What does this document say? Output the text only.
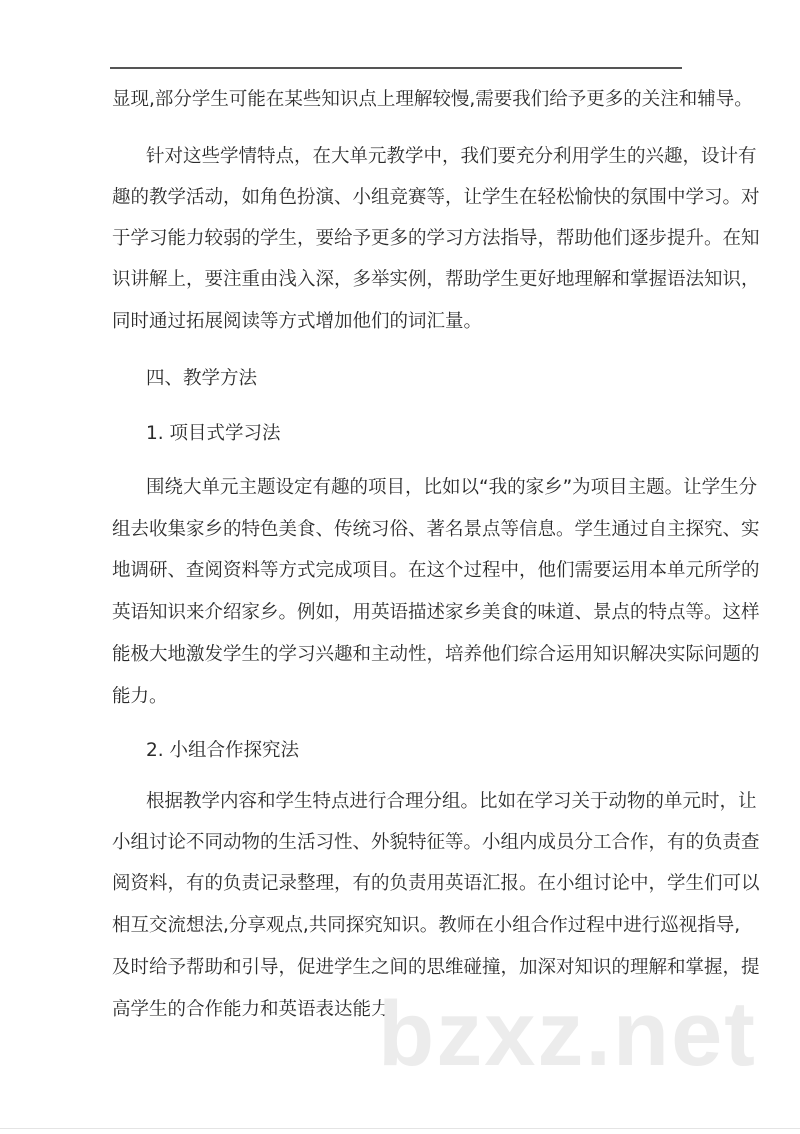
显现,部分学生可能在某些知识点上理解较慢,需要我们给予更多的关注和辅导。
针对这些学情特点，在大单元教学中，我们要充分利用学生的兴趣，设计有
趣的教学活动，如角色扮演、小组竞赛等，让学生在轻松愉快的氛围中学习。对
于学习能力较弱的学生，要给予更多的学习方法指导，帮助他们逐步提升。在知
识讲解上，要注重由浅入深，多举实例，帮助学生更好地理解和掌握语法知识，
同时通过拓展阅读等方式增加他们的词汇量。
四、教学方法
1. 项目式学习法
围绕大单元主题设定有趣的项目，比如以“我的家乡”为项目主题。让学生分
组去收集家乡的特色美食、传统习俗、著名景点等信息。学生通过自主探究、实
地调研、查阅资料等方式完成项目。在这个过程中，他们需要运用本单元所学的
英语知识来介绍家乡。例如，用英语描述家乡美食的味道、景点的特点等。这样
能极大地激发学生的学习兴趣和主动性，培养他们综合运用知识解决实际问题的
能力。
2. 小组合作探究法
根据教学内容和学生特点进行合理分组。比如在学习关于动物的单元时，让
小组讨论不同动物的生活习性、外貌特征等。小组内成员分工合作，有的负责查
阅资料，有的负责记录整理，有的负责用英语汇报。在小组讨论中，学生们可以
相互交流想法,分享观点,共同探究知识。教师在小组合作过程中进行巡视指导,
及时给予帮助和引导，促进学生之间的思维碰撞，加深对知识的理解和掌握，提
高学生的合作能力和英语表达能力。
bzxz.net
